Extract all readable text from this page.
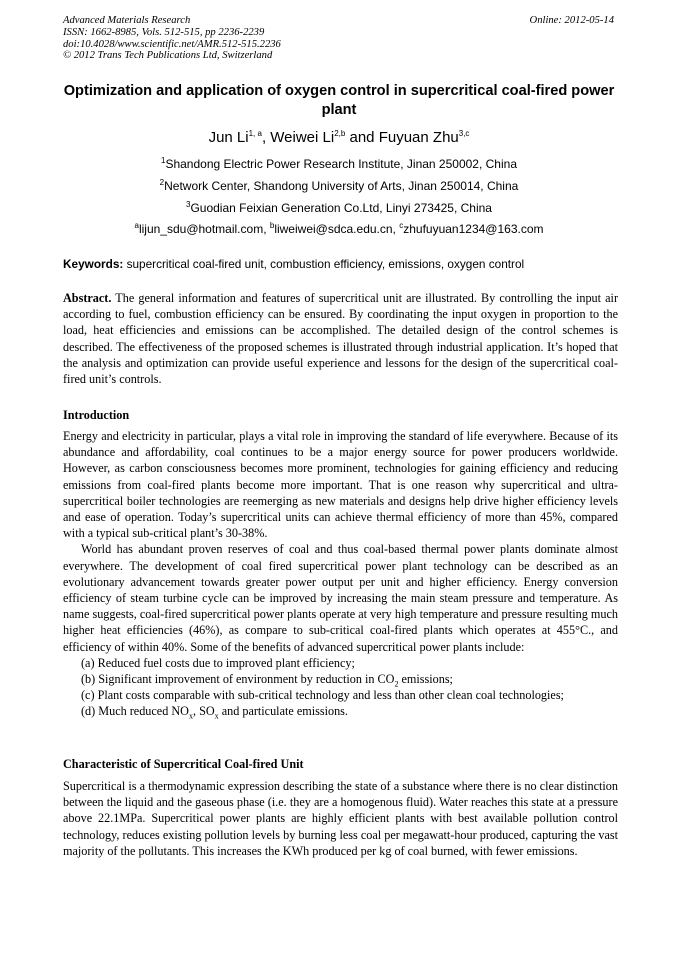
Advanced Materials Research
ISSN: 1662-8985, Vols. 512-515, pp 2236-2239
doi:10.4028/www.scientific.net/AMR.512-515.2236
© 2012 Trans Tech Publications Ltd, Switzerland
Online: 2012-05-14
Optimization and application of oxygen control in supercritical coal-fired power plant
Jun Li$^{1, a}$, Weiwei Li$^{2,b}$ and Fuyuan Zhu$^{3,c}$
$^1$Shandong Electric Power Research Institute, Jinan 250002, China
$^2$Network Center, Shandong University of Arts, Jinan 250014, China
$^3$Guodian Feixian Generation Co.Ltd, Linyi 273425, China
$^a$lijun_sdu@hotmail.com, $^b$liweiwei@sdca.edu.cn, $^c$zhufuyuan1234@163.com
Keywords: supercritical coal-fired unit, combustion efficiency, emissions, oxygen control

Abstract. The general information and features of supercritical unit are illustrated. By controlling the input air according to fuel, combustion efficiency can be ensured. By coordinating the input oxygen in proportion to the load, heat efficiencies and emissions can be accomplished. The detailed design of the control schemes is described. The effectiveness of the proposed schemes is illustrated through industrial application. It’s hoped that the analysis and optimization can provide useful experience and lessons for the design of the supercritical coal-fired unit’s controls.

Introduction

Energy and electricity in particular, plays a vital role in improving the standard of life everywhere. Because of its abundance and affordability, coal continues to be a major energy source for power producers worldwide. However, as carbon consciousness becomes more prominent, technologies for gaining efficiency and reducing emissions from coal-fired plants become more important. That is one reason why supercritical and ultra- supercritical boiler technologies are reemerging as new materials and designs help drive higher efficiency levels and ease of operation. Today’s supercritical units can achieve thermal efficiency of more than 45%, compared with a typical sub-critical plant’s 30-38%.

World has abundant proven reserves of coal and thus coal-based thermal power plants dominate almost everywhere. The development of coal fired supercritical power plant technology can be described as an evolutionary advancement towards greater power output per unit and higher efficiency. Energy conversion efficiency of steam turbine cycle can be improved by increasing the main steam pressure and temperature. As name suggests, coal-fired supercritical power plants operate at very high temperature and pressure resulting much higher heat efficiencies (46%), as compare to sub-critical coal-fired plants which operates at 455°C., and efficiency of within 40%. Some of the benefits of advanced supercritical power plants include:

(a) Reduced fuel costs due to improved plant efficiency;
(b) Significant improvement of environment by reduction in $CO_2$ emissions;
(c) Plant costs comparable with sub-critical technology and less than other clean coal technologies;
(d) Much reduced $NO_x$, $SO_x$ and particulate emissions.
Characteristic of Supercritical Coal-fired Unit

Supercritical is a thermodynamic expression describing the state of a substance where there is no clear distinction between the liquid and the gaseous phase (i.e. they are a homogenous fluid). Water reaches this state at a pressure above 22.1MPa. Supercritical power plants are highly efficient plants with best available pollution control technology, reduces existing pollution levels by burning less coal per megawatt-hour produced, capturing the vast majority of the pollutants. This increases the KWh produced per kg of coal burned, with fewer emissions.
